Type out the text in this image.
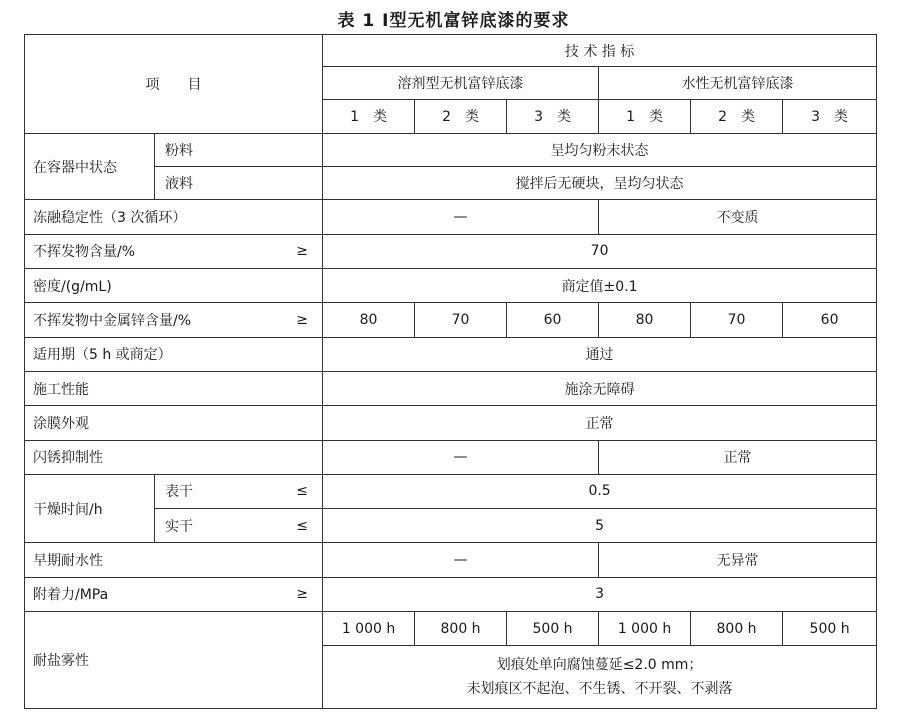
表 1 Ⅰ型无机富锌底漆的要求
项　　目			技 术 指 标					
			溶剂型无机富锌底漆			水性无机富锌底漆		
			1　类	2　类	3　类	1　类	2　类	3　类
在容器中状态	粉料		呈均匀粉末状态					
	液料		搅拌后无硬块，呈均匀状态					
冻融稳定性（3 次循环）			—			不变质		
不挥发物含量/%		≥	70					
密度/(g/mL)			商定值±0.1					
不挥发物中金属锌含量/%		≥	80	70	60	80	70	60
适用期（5 h 或商定）			通过					
施工性能			施涂无障碍					
涂膜外观			正常					
闪锈抑制性			—			正常		
干燥时间/h	表干	≤	0.5					
	实干	≤	5					
早期耐水性			—			无异常		
附着力/MPa		≥	3					
耐盐雾性			1 000 h	800 h	500 h	1 000 h	800 h	500 h

			划痕处单向腐蚀蔓延≤2.0 mm；
未划痕区不起泡、不生锈、不开裂、不剥落					
